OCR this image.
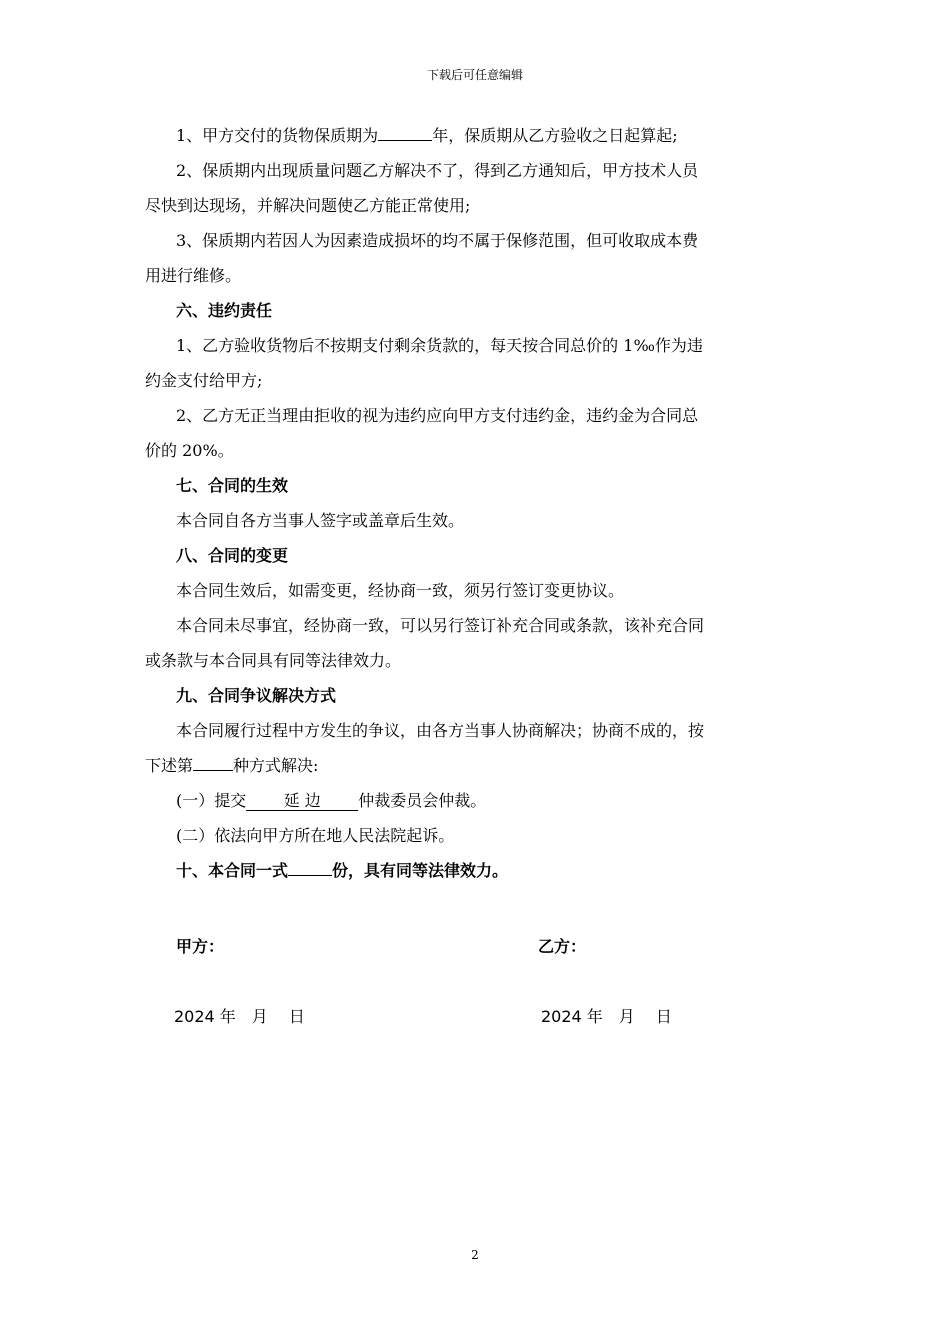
下载后可任意编辑

1、甲方交付的货物保质期为	年，保质期从乙方验收之日起算起;

2、保质期内出现质量问题乙方解决不了，得到乙方通知后，甲方技术人员

尽快到达现场，并解决问题使乙方能正常使用;

3、保质期内若因人为因素造成损坏的均不属于保修范围，但可收取成本费

用进行维修。

六、违约责任

1、乙方验收货物后不按期支付剩余货款的，每天按合同总价的 1‰作为违

约金支付给甲方;

2、乙方无正当理由拒收的视为违约应向甲方支付违约金，违约金为合同总

价的 20%。

七、合同的生效

本合同自各方当事人签字或盖章后生效。

八、合同的变更

本合同生效后，如需变更，经协商一致，须另行签订变更协议。

本合同未尽事宜，经协商一致，可以另行签订补充合同或条款，该补充合同

或条款与本合同具有同等法律效力。

九、合同争议解决方式

本合同履行过程中方发生的争议，由各方当事人协商解决；协商不成的，按

下述第	种方式解决:

(一）提交 延 边 仲裁委员会仲裁。

(二）依法向甲方所在地人民法院起诉。

十、本合同一式	份，具有同等法律效力。

甲方：	乙方：
2024 年　月　 日	2024 年　月　 日
2
